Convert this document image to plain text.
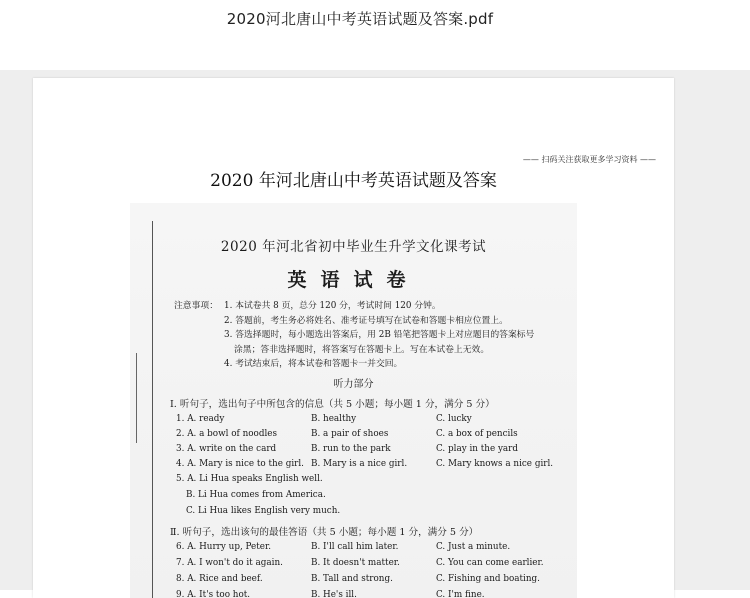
2020河北唐山中考英语试题及答案.pdf
—— 扫码关注获取更多学习资料 ——
2020 年河北唐山中考英语试题及答案
2020 年河北省初中毕业生升学文化课考试
英语试卷
注意事项： 1. 本试卷共 8 页，总分 120 分，考试时间 120 分钟。
2. 答题前，考生务必将姓名、准考证号填写在试卷和答题卡相应位置上。
3. 答选择题时，每小题选出答案后，用 2B 铅笔把答题卡上对应题目的答案标号
涂黑；答非选择题时，将答案写在答题卡上。写在本试卷上无效。
4. 考试结束后，将本试卷和答题卡一并交回。
听力部分
Ⅰ. 听句子，选出句子中所包含的信息（共 5 小题；每小题 1 分，满分 5 分）
1. A. ready	B. healthy	C. lucky
2. A. a bowl of noodles	B. a pair of shoes	C. a box of pencils
3. A. write on the card	B. run to the park	C. play in the yard
4. A. Mary is nice to the girl. B. Mary is a nice girl.	C. Mary knows a nice girl.
5. A. Li Hua speaks English well.
B. Li Hua comes from America.
C. Li Hua likes English very much.
Ⅱ. 听句子，选出该句的最佳答语（共 5 小题；每小题 1 分，满分 5 分）
6. A. Hurry up, Peter.	B. I'll call him later.	C. Just a minute.
7. A. I won't do it again.	B. It doesn't matter.	C. You can come earlier.
8. A. Rice and beef.	B. Tall and strong.	C. Fishing and boating.
9. A. It's too hot.	B. He's ill.	C. I'm fine.
